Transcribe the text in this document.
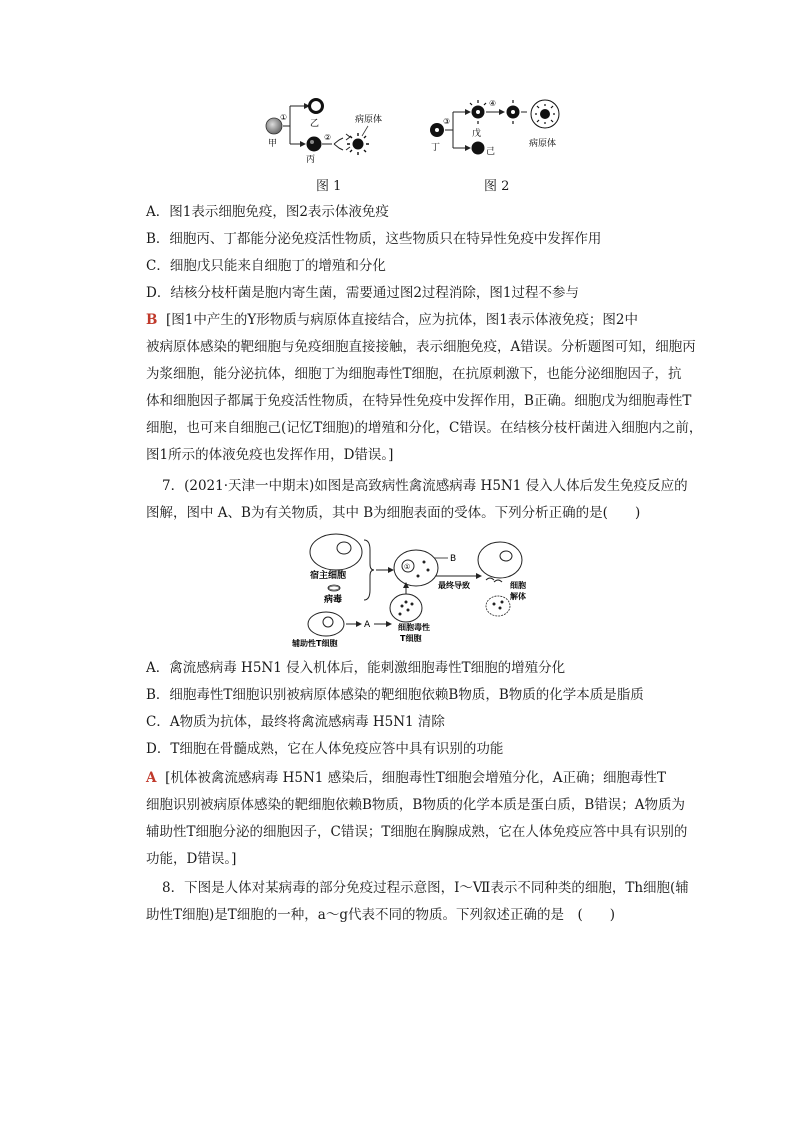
①
②
甲
乙
丙
病原体
图 1
③
④
丁
戊
己
病原体
图 2
A．图1表示细胞免疫，图2表示体液免疫
B．细胞丙、丁都能分泌免疫活性物质，这些物质只在特异性免疫中发挥作用
C．细胞戊只能来自细胞丁的增殖和分化
D．结核分枝杆菌是胞内寄生菌，需要通过图2过程消除，图1过程不参与
B [图1中产生的Y形物质与病原体直接结合，应为抗体，图1表示体液免疫；图2中
被病原体感染的靶细胞与免疫细胞直接接触，表示细胞免疫，A错误。分析题图可知，细胞丙
为浆细胞，能分泌抗体，细胞丁为细胞毒性T细胞，在抗原刺激下，也能分泌细胞因子，抗
体和细胞因子都属于免疫活性物质，在特异性免疫中发挥作用，B正确。细胞戊为细胞毒性T
细胞，也可来自细胞己(记忆T细胞)的增殖和分化，C错误。在结核分枝杆菌进入细胞内之前，
图1所示的体液免疫也发挥作用，D错误。]
7．(2021·天津一中期末)如图是高致病性禽流感病毒 H5N1 侵入人体后发生免疫反应的
图解，图中 A、B为有关物质，其中 B为细胞表面的受体。下列分析正确的是(　　)
宿主细胞
病毒
①
B
最终导致
细胞毒性
T细胞
辅助性T细胞
A
细胞
解体
A．禽流感病毒 H5N1 侵入机体后，能刺激细胞毒性T细胞的增殖分化
B．细胞毒性T细胞识别被病原体感染的靶细胞依赖B物质，B物质的化学本质是脂质
C．A物质为抗体，最终将禽流感病毒 H5N1 清除
D．T细胞在骨髓成熟，它在人体免疫应答中具有识别的功能
A [机体被禽流感病毒 H5N1 感染后，细胞毒性T细胞会增殖分化，A正确；细胞毒性T
细胞识别被病原体感染的靶细胞依赖B物质，B物质的化学本质是蛋白质，B错误；A物质为
辅助性T细胞分泌的细胞因子，C错误；T细胞在胸腺成熟，它在人体免疫应答中具有识别的
功能，D错误。]
8．下图是人体对某病毒的部分免疫过程示意图，Ⅰ～Ⅶ表示不同种类的细胞，Th细胞(辅
助性T细胞)是T细胞的一种，a～g代表不同的物质。下列叙述正确的是　(　　)
